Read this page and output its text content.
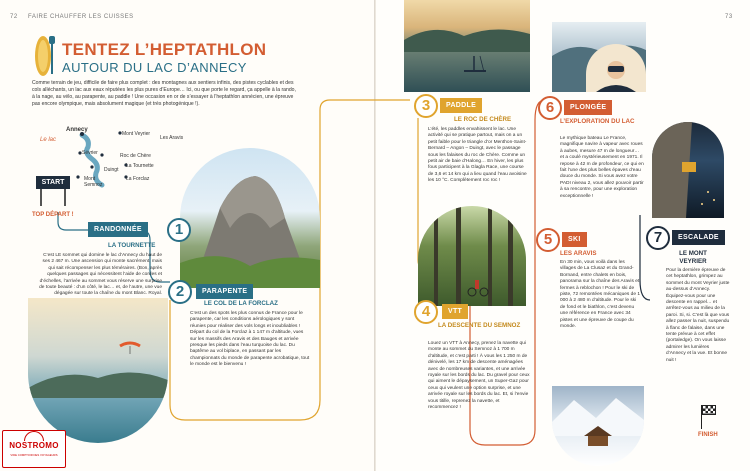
72 FAIRE CHAUFFER LES CUISSES	73
TENTEZ L’HEPTATHLON
AUTOUR DU LAC D’ANNECY
Comme terrain de jeu, difficile de faire plus complet : des montagnes aux sentiers infinis, des pistes cyclables et des cols alléchants, un lac aux eaux réputées les plus pures d’Europe… Ici, ou que porte le regard, ça appelle à la rando, à la nage, au vélo, au parapente, au paddle ! Une occasion en or de s’essayer à l’heptathlon annécien, une épreuve pas encore olympique, mais absolument magique (et très photogénique !).
Le lac
Annecy
Mont Veyrier
Les Aravis
Sévrier	Roc de Chère
Duingt
La Tournette
Mont Semnoz
La Forclaz
START
TOP DÉPART !
RANDONNÉE	1
LA TOURNETTE
C’est LE sommet qui domine le lac d’Annecy du haut de ses 2 467 m. Une ascension qui monte sacrément, mais qui sait récompenser les plus téméraires. (Bon, après quelques passages qui nécessitent l’aide de cordes et d’échelles, l’arrivée au sommet vous réserve une surprise de toute beauté : d’un côté, le lac… et, de l’autre, une vue dégagée sur toute la chaîne du mont Blanc. Royal. 2	PARAPENTE
LE COL DE LA FORCLAZ
C’est un des spots les plus connus de France pour le parapente, car les conditions aérologiques y sont réunies pour réaliser des vols longs et inoubliables ! Départ du col de la Forclaz à 1 147 m d’altitude, vues sur les massifs des Aravis et des Bauges et arrivée presque les pieds dans l’eau turquoise du lac. Du baptême au vol biplace, en passant par les championnats du monde de parapente acrobatique, tout le monde est le bienvenu !
3	PADDLE
LE ROC DE CHÈRE
L’été, les paddles envahissent le lac. Une activité qui se pratique partout, mais on a un petit faible pour le triangle d’or Menthon-Saint-Bernard – Angon – Duingt, avec le passage sous les falaises du roc de Chère. Comme un petit air de baie d’Halong… En hiver, les plus fous participent à la Glagla Race, une course de 3,6 et 14 km qui a lieu quand l’eau avoisine les 10 °C. Complètement roc roc !
4	VTT
LA DESCENTE DU SEMNOZ
Louez un VTT à Annecy, prenez la navette qui monte au sommet du Semnoz à 1 700 m d’altitude, et c’est parti ! À vous les 1 250 m de dénivelé, les 17 km de descente aménagées avec de nombreuses variantes, et une arrivée royale sur les bords du lac. Du gravel pour ceux qui aiment le dépaysement, un Super-Gaz pour ceux qui veulent une option surprise, et une arrivée royale sur les bords du lac. Et, si l’envie vous titille, reprenez la navette, et recommencez !
6	PLONGÉE
L’EXPLORATION DU LAC
Le mythique bateau Le France, magnifique navire à vapeur avec roues à aubes, mesure 47 m de longueur… et a coulé mystérieusement en 1971. Il repose à 42 m de profondeur, ce qui en fait l’une des plus belles épaves d’eau douce du monde. Si vous avez votre PADI niveau 2, vous allez pouvoir partir à sa rencontre, pour une exploration exceptionnelle !
5	SKI
LES ARAVIS
En 30 min, vous voilà dans les villages de La Clusaz et du Grand-Bornand, entre chalets en bois, panorama sur la chaîne des Aravis et fermes à reblochon ! Pour le ski de piste, 72 remontées mécaniques de 1 000 à 2 480 m d’altitude. Pour le ski de fond et le biathlon, c’est devenu une référence en France avec 34 pistes et une épreuve de coupe du monde.
7	ESCALADE
LE MONT VEYRIER
Pour la dernière épreuve de cet heptathlon, grimpez au sommet du mont Veyrier juste au-dessus d’Annecy. Équipez-vous pour une descente en rappel… et arrêtez-vous au milieu de la paroi. Si, si. C’est là que vous allez passer la nuit, suspendu à flanc de falaise, dans une tente prévue à cet effet (portaledge). On vous laisse admirer les lumières d’Annecy et la vue. Et bonne nuit !
FINISH
NOSTROMO
VIDE COMPTOIR DES VOYAGEURS
